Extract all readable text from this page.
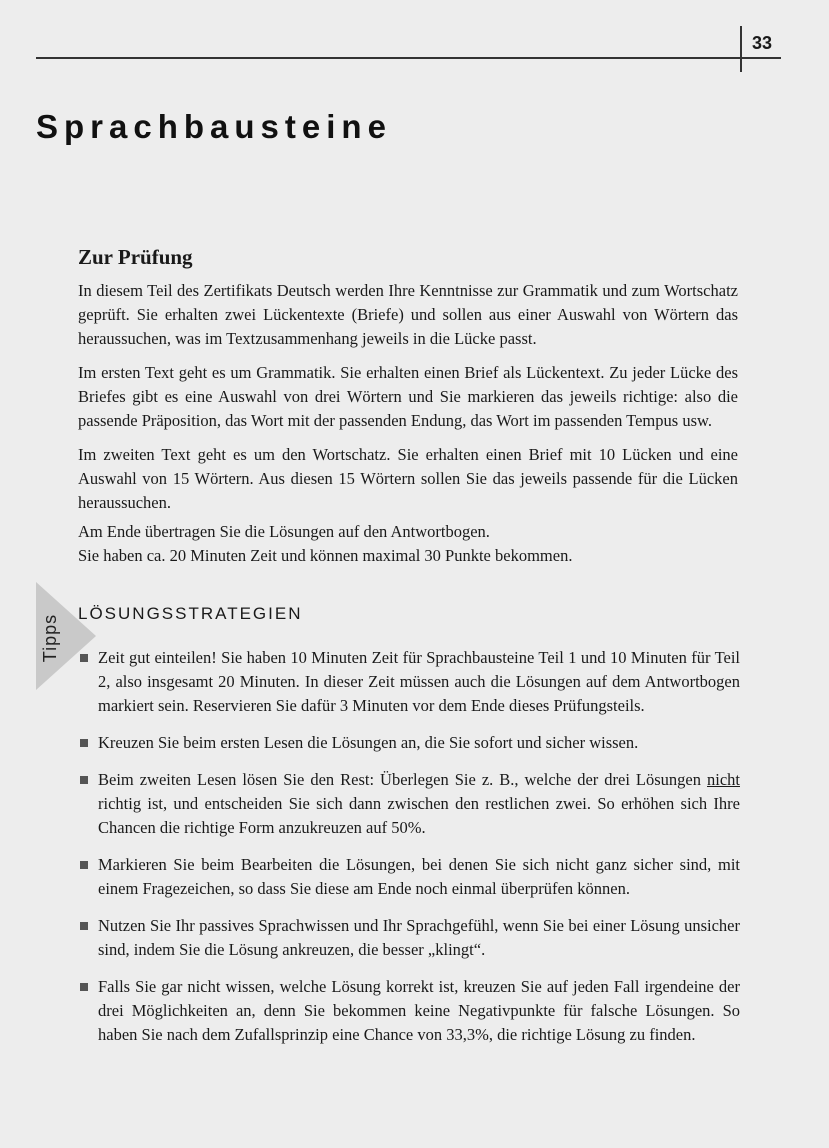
33
Sprachbausteine
Zur Prüfung

In diesem Teil des Zertifikats Deutsch werden Ihre Kenntnisse zur Grammatik und zum Wortschatz geprüft. Sie erhalten zwei Lückentexte (Briefe) und sollen aus einer Auswahl von Wörtern das heraussuchen, was im Textzusammenhang jeweils in die Lücke passt.

Im ersten Text geht es um Grammatik. Sie erhalten einen Brief als Lückentext. Zu jeder Lücke des Briefes gibt es eine Auswahl von drei Wörtern und Sie markieren das jeweils richtige: also die passende Präposition, das Wort mit der passenden Endung, das Wort im passenden Tempus usw.

Im zweiten Text geht es um den Wortschatz. Sie erhalten einen Brief mit 10 Lücken und eine Auswahl von 15 Wörtern. Aus diesen 15 Wörtern sollen Sie das jeweils passende für die Lücken heraussuchen.

Am Ende übertragen Sie die Lösungen auf den Antwortbogen.

Sie haben ca. 20 Minuten Zeit und können maximal 30 Punkte bekommen.

Tipps
LÖSUNGSSTRATEGIEN
Zeit gut einteilen! Sie haben 10 Minuten Zeit für Sprachbausteine Teil 1 und 10 Minuten für Teil 2, also insgesamt 20 Minuten. In dieser Zeit müssen auch die Lösungen auf dem Antwortbogen markiert sein. Reservieren Sie dafür 3 Minuten vor dem Ende dieses Prüfungsteils.
Kreuzen Sie beim ersten Lesen die Lösungen an, die Sie sofort und sicher wissen.
Beim zweiten Lesen lösen Sie den Rest: Überlegen Sie z. B., welche der drei Lösungen nicht richtig ist, und entscheiden Sie sich dann zwischen den restlichen zwei. So erhöhen sich Ihre Chancen die richtige Form anzukreuzen auf 50%.
Markieren Sie beim Bearbeiten die Lösungen, bei denen Sie sich nicht ganz sicher sind, mit einem Fragezeichen, so dass Sie diese am Ende noch einmal überprüfen können.
Nutzen Sie Ihr passives Sprachwissen und Ihr Sprachgefühl, wenn Sie bei einer Lösung unsicher sind, indem Sie die Lösung ankreuzen, die besser „klingt“.
Falls Sie gar nicht wissen, welche Lösung korrekt ist, kreuzen Sie auf jeden Fall irgendeine der drei Möglichkeiten an, denn Sie bekommen keine Negativpunkte für falsche Lösungen. So haben Sie nach dem Zufallsprinzip eine Chance von 33,3%, die richtige Lösung zu finden.
